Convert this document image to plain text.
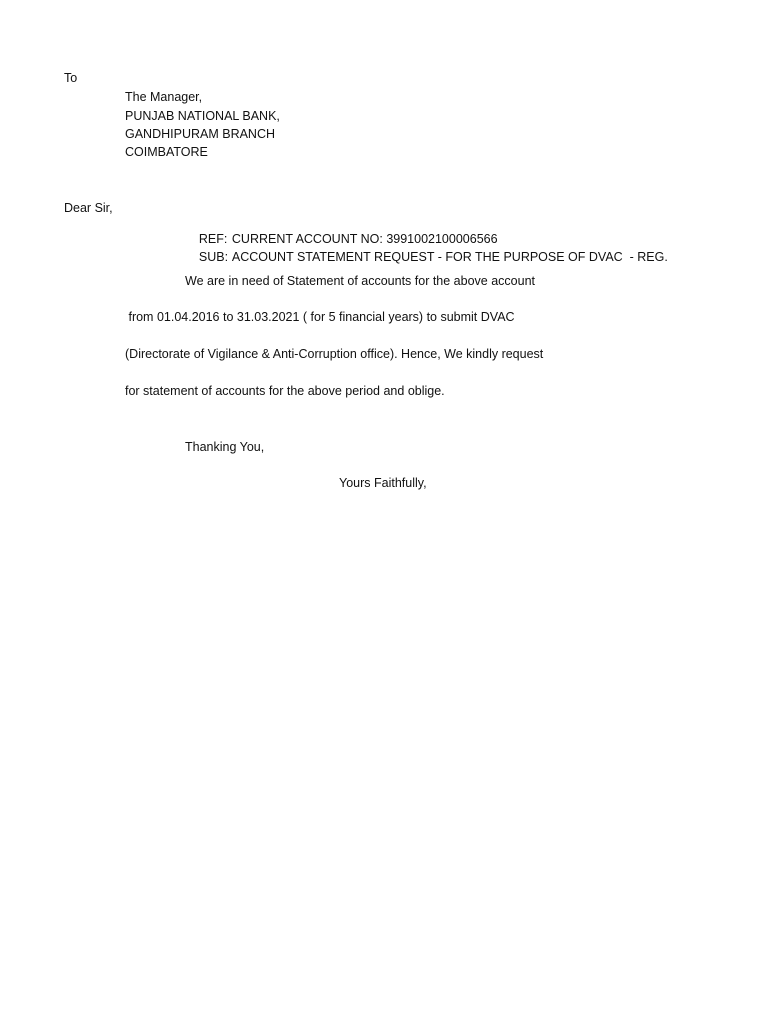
To
The Manager,
PUNJAB NATIONAL BANK,
GANDHIPURAM BRANCH
COIMBATORE
Dear Sir,

REF: CURRENT ACCOUNT NO: 3991002100006566

SUB: ACCOUNT STATEMENT REQUEST - FOR THE PURPOSE OF DVAC  - REG.

We are in need of Statement of accounts for the above account
from 01.04.2016 to 31.03.2021 ( for 5 financial years) to submit DVAC
(Directorate of Vigilance & Anti-Corruption office). Hence, We kindly request
for statement of accounts for the above period and oblige.
Thanking You,
Yours Faithfully,
